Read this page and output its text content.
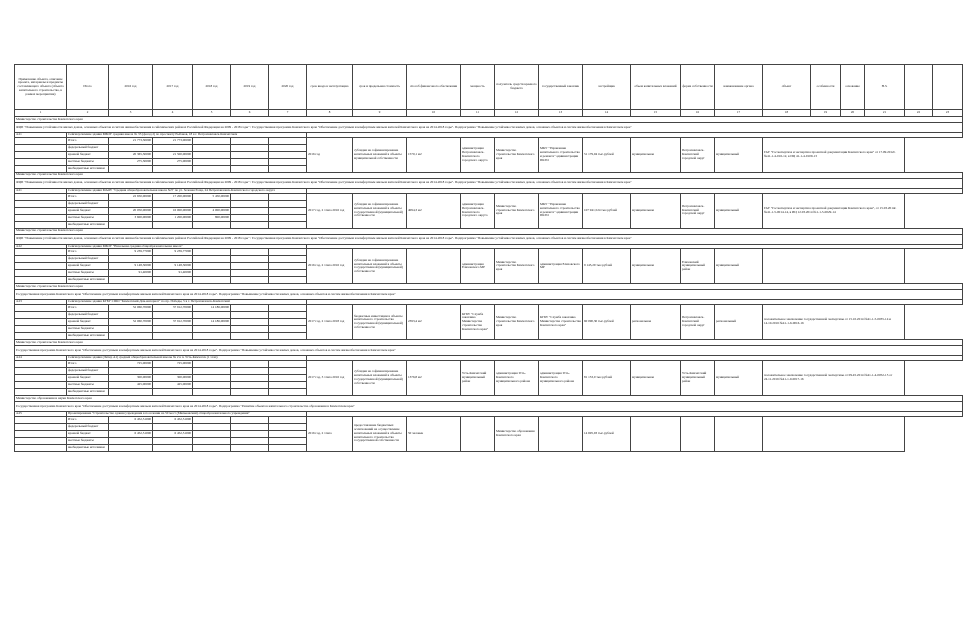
Примечание объекта, описание проекта, материалы и предметы составляющего объекта (объекта капитального строительства, в рамках мероприятия)	Итого	2016 год	2017 год	2018 год	2019 год	2020 год	срок ввода в эксплуатацию	срок и предельная стоимость	способ финансового обеспечения	мощность	получатель средств краевого бюджета	государственный заказчик	застройщик	объем капитальных вложений	форма собственности	наименование органа	объект	особенности	основание	Н.З.		
1	2	3	4	5	6	7	8	9	10	11	12	13	14	15	16	17	18	19	20	21	22	23
Министерство строительства Камчатского края																						
ФЦП "Повышение устойчивости жилых домов, основных объектов и систем жизнеобеспечения в сейсмических районах Российской Федерации на 2009 - 2018 годы" / Государственная программа Камчатского края "Обеспечение доступным и комфортным жильем жителей Камчатского края на 2014-2018 годы". Подпрограмма "Повышение устойчивости жилых домов, основных объектов и систем жизнеобеспечения в Камчатском крае"																						
4.21	Сейсмоусиление здания МБОУ средняя школа № 33 (фасад 2) по проспекту Рыбаков, 18 в г. Петропавловск-Камчатском																					
	Итого	21 773,30000	21 773,00000				2016 год	субсидия на софинансирование капитальных вложений в объекты муниципальной собственности	1570,1 м2	администрация Петропавловск-Камчатского городского округа	Министерство строительства Камчатского края	МКУ "Управление капитального строительства и ремонта" администрации ПКГО	51 179,04 тыс.рублей	муниципальная	Петропавловск-Камчатский городской округ	муниципальный	ГАУ "Госэкспертиза и экспертиза проектной документации Камчатского края" от 17.09.2012г. №41-1-4-016-12, в ИЦ 41-1-4-0109-13					
	федеральный бюджет																					
	краевой бюджет	20 365,30000	21 500,00000																			
	местные бюджеты	275,30000	275,00000																			
	внебюджетные источники																					
Министерство строительства Камчатского края																						
ФЦП "Повышение устойчивости жилых домов, основных объектов и систем жизнеобеспечения в сейсмических районах Российской Федерации на 2009 - 2018 годы" / Государственная программа Камчатского края "Обеспечение доступным и комфортным жильем жителей Камчатского края на 2014-2018 годы". Подпрограмма "Повышение устойчивости жилых домов, основных объектов и систем жизнеобеспечения в Камчатском крае"																						
4.21	Сейсмоусиление здания МАОУ "Средняя общеобразовательная школа №3" по ул. Зеленая Роща, 24 Петропавловск-Камчатского городского округа																					
	Итого	22 650,00000	17 200,00000	5 450,00000			2017 год, 2 этапа 2016 год	субсидия на софинансирование капитальных вложений в объекты государственной (муниципальной) собственности	4094,3 м2	администрация Петропавловск-Камчатского городского округа	Министерство строительства Камчатского края	МКУ "Управление капитального строительства и ремонта" администрации ПКГО	107 941,524 тыс.рублей	муниципальная	Петропавловск-Камчатский городской округ	муниципальный	ГАУ "Госэкспертиза и экспертиза проектной документации Камчатского края", от 15.03.2014г. №41-1-5-0014-14, в ИЦ 12.03.2014 №1-1-5-0029-14					
	федеральный бюджет																					
	краевой бюджет	20 050,00000	16 000,00000	4 000,00000																		
	местные бюджеты	3 600,00000	1 200,00000	800,00000																		
	внебюджетные источники																					
Министерство строительства Камчатского края																						
ФЦП "Повышение устойчивости жилых домов, основных объектов и систем жизнеобеспечения в сейсмических районах Российской Федерации на 2009 - 2018 годы" / Государственная программа Камчатского края "Обеспечение доступным и комфортным жильем жителей Камчатского края на 2014-2018 годы". Подпрограмма "Повышение устойчивости жилых домов, основных объектов и систем жизнеобеспечения в Камчатском крае"																						
4.22	Сейсмоусиление здания МБОУ "Начальная средняя общеобразовательная школа"																					
	Итого	9 239,77000	9 239,77000				2016 год, 2 этапа 2016 год	субсидия на софинансирование капитальных вложений в объекты государственной (муниципальной) собственности		администрация Елизовского МР	Министерство строительства Камчатского края	администрация Елизовского МР	9 145,29 тыс.рублей	муниципальная	Елизовский муниципальный район	муниципальный						
	федеральный бюджет																					
	краевой бюджет	9 148,30000	9 148,30000																			
	местные бюджеты	91,40000	91,40000																			
	внебюджетные источники																					
Министерство строительства Камчатского края																						
Государственная программа Камчатского края "Обеспечение доступным и комфортным жильем жителей Камчатского края на 2014-2018 годы". Подпрограмма "Повышение устойчивости жилых домов, основных объектов и систем жизнеобеспечения в Камчатском крае"																						
4.23	Сейсмоусиление здания КГБУ СШО "Камчатский Дом-интернат" по пр. Победы, 5 в г. Петропавловск-Камчатский																					
	Итого	52 060,70000	37 912,70000	14 186,00000			2017 год, 2 этапа 2018 год	бюджетные инвестиции в объекты капитального строительства государственной (муниципальной) собственности	2393,4 м2	КГБУ "Служба заказчика Министерства строительства Камчатского края"	Министерство строительства Камчатского края	КГБУ "Служба заказчика Министерства строительства Камчатского края"	60 090,30 тыс.рублей	региональная	Петропавловск-Камчатский городской округ	региональный	положительное заключение государственной экспертизы от 15.10.2014 №41-1-5-0035-14 и 14.10.2016 №41-1-6-0016-16					
	федеральный бюджет																					
	краевой бюджет	52 060,70000	37 912,70000	14 186,00000																		
	местные бюджеты																					
	внебюджетные источники																					
Министерство строительства Камчатского края																						
Государственная программа Камчатского края "Обеспечение доступным и комфортным жильем жителей Камчатского края на 2014-2018 годы". Подпрограмма "Повышение устойчивости жилых домов, основных объектов и систем жизнеобеспечения в Камчатском крае"																						
4.24	Сейсмоусиление здания (Литер А1) средней общеобразовательной школы № 2 в п. Усть-Камчатск (1 этап)																					
	Итого	725,00000	725,00000				2017 год, 3 этапа 2016 год	субсидия на софинансирование капитальных вложений в объекты государственной (муниципальной) собственности	1376,8 м2	Усть-Камчатский муниципальный район	администрация Усть-Камчатского муниципального района	администрация Усть-Камчатского муниципального района	81 153,0 тыс.рублей	муниципальная	Усть-Камчатский муниципальный район	муниципальный	положительное заключение государственной экспертизы от 09.45.2014 №41-1-4-0052-15 от 24.11.2016 №41-1-0-0017-16					
	федеральный бюджет																					
	краевой бюджет	300,00000	300,00000																			
	местные бюджеты	425,00000	425,00000																			
	внебюджетные источники																					
Министерство образования и науки Камчатского края																						
Государственная программа Камчатского края "Обеспечение доступным и комфортным жильем жителей Камчатского края на 2014-2018 годы". Подпрограмма "Развитие объектов капитального строительства образования в Камчатском крае"																						
4.25	Проектирование "Строительство здания учреждения в поселении на 50 мест (Мильковский) общеобразовательного учреждения"																					
	Итого	6 452,51000	6 452,51000				2016 год, 2 этапа	предоставление бюджетных ассигнований на осуществление капитальных вложений в объекты капитального строительства государственной собственности	50 человек		Министерство образования Камчатского края		14 695,93 тыс.рублей									
	федеральный бюджет																					
	краевой бюджет	6 452,51000	6 452,51000																			
	местные бюджеты																					
	внебюджетные источники																					
